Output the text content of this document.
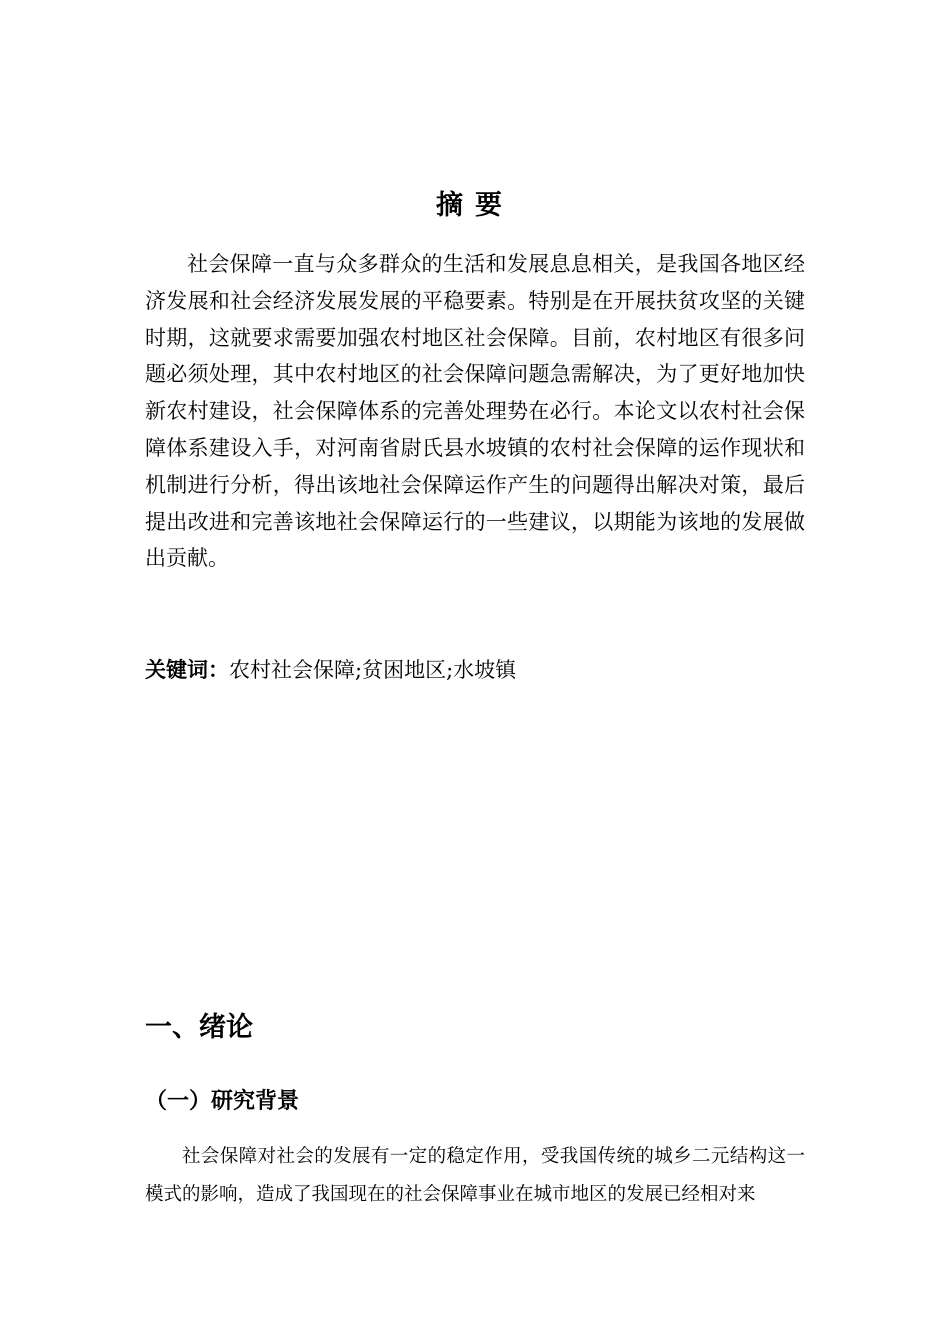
摘要

社会保障一直与众多群众的生活和发展息息相关，是我国各地区经济发展和社会经济发展发展的平稳要素。特别是在开展扶贫攻坚的关键时期，这就要求需要加强农村地区社会保障。目前，农村地区有很多问题必须处理，其中农村地区的社会保障问题急需解决，为了更好地加快新农村建设，社会保障体系的完善处理势在必行。本论文以农村社会保障体系建设入手，对河南省尉氏县水坡镇的农村社会保障的运作现状和机制进行分析，得出该地社会保障运作产生的问题得出解决对策，最后提出改进和完善该地社会保障运行的一些建议，以期能为该地的发展做出贡献。

关键词：农村社会保障;贫困地区;水坡镇

一、绪论
（一）研究背景

社会保障对社会的发展有一定的稳定作用，受我国传统的城乡二元结构这一模式的影响，造成了我国现在的社会保障事业在城市地区的发展已经相对来
